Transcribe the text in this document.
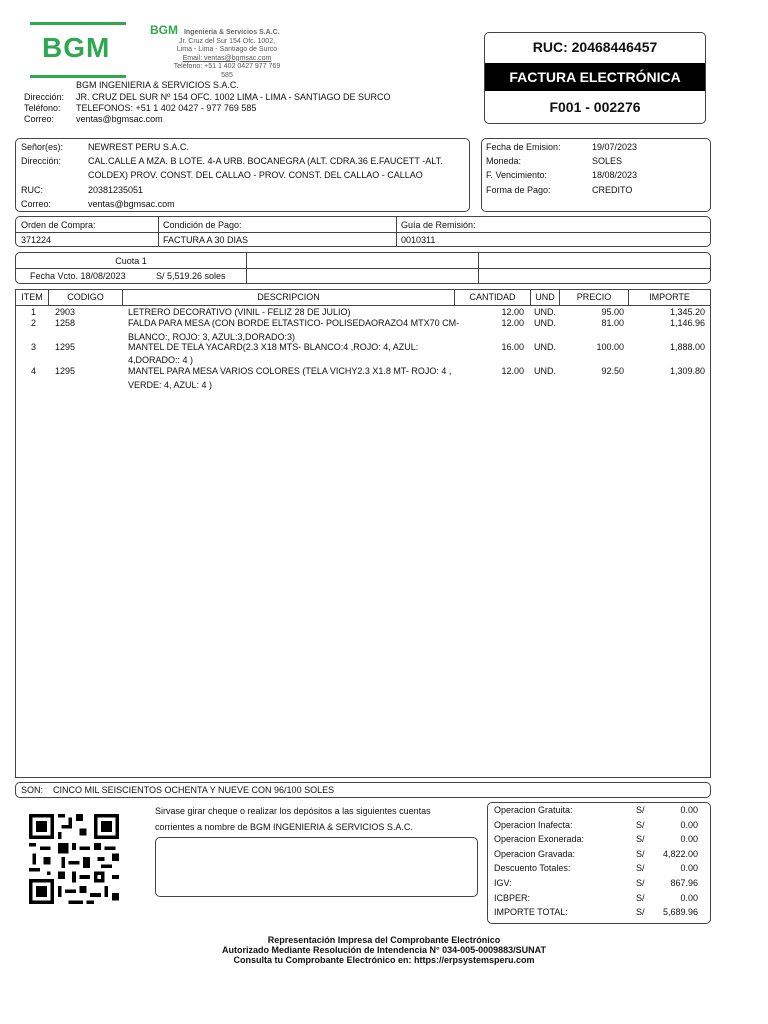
BGM
BGM Ingenieria & Servicios S.A.C.
Jr. Cruz del Sur 154 Ofc. 1002,
Lima - Lima - Santiago de Surco
Email: ventas@bgmsac.com
Teléfono: +51 1 402 0427 977 769 585
BGM INGENIERIA & SERVICIOS S.A.C.
Dirección: JR. CRUZ DEL SUR Nº 154 OFC. 1002 LIMA - LIMA - SANTIAGO DE SURCO
Teléfono: TELEFONOS: +51 1 402 0427 - 977 769 585
Correo: ventas@bgmsac.com
RUC: 20468446457
FACTURA ELECTRÓNICA
F001 - 002276
Señor(es):	NEWREST PERU S.A.C.
Dirección:	CAL.CALLE A MZA. B LOTE. 4-A URB. BOCANEGRA (ALT. CDRA.36 E.FAUCETT -ALT.
COLDEX) PROV. CONST. DEL CALLAO - PROV. CONST. DEL CALLAO - CALLAO
RUC:	20381235051
Correo:	ventas@bgmsac.com
Fecha de Emision:	19/07/2023
Moneda:	SOLES
F. Vencimiento:	18/08/2023
Forma de Pago:	CREDITO
Orden de Compra:
371224
Condición de Pago:
FACTURA A 30 DIAS
Guía de Remisión:
0010311
Cuota 1
Fecha Vcto. 18/08/2023	S/ 5,519.26 soles
ITEM	CODIGO	DESCRIPCION	CANTIDAD	UND	PRECIO	IMPORTE
1 2903	LETRERO DECORATIVO (VINIL - FELIZ 28 DE JULIO)	12.00 UND.	95.00	1,345.20
2 1258	FALDA PARA MESA (CON BORDE ELTASTICO- POLISEDAORAZO4 MTX70 CM-
BLANCO:, ROJO: 3, AZUL:3,DORADO:3)
12.00 UND.	81.00	1,146.96
3 1295	MANTEL DE TELA YACARD(2.3 X18 MTS- BLANCO:4 ,ROJO: 4, AZUL:
4,DORADO:: 4 )
16.00 UND.	100.00	1,888.00
4 1295	MANTEL PARA MESA VARIOS COLORES (TELA VICHY2.3 X1.8 MT- ROJO: 4 ,
VERDE: 4, AZUL: 4 )
12.00 UND.	92.50	1,309.80
SON: CINCO MIL SEISCIENTOS OCHENTA Y NUEVE CON 96/100 SOLES
Sirvase girar cheque o realizar los depósitos a las siguientes cuentas
corrientes a nombre de BGM INGENIERIA & SERVICIOS S.A.C.
Operacion Gratuita:	S/	0.00
Operacion Inafecta:	S/	0.00
Operacion Exonerada:	S/	0.00
Operacion Gravada:	S/ 4,822.00
Descuento Totales:	S/	0.00
IGV:	S/	867.96
ICBPER:	S/	0.00
IMPORTE TOTAL:	S/ 5,689.96
Representación Impresa del Comprobante Electrónico
Autorizado Mediante Resolución de Intendencia N° 034-005-0009883/SUNAT
Consulta tu Comprobante Electrónico en: https://erpsystemsperu.com
